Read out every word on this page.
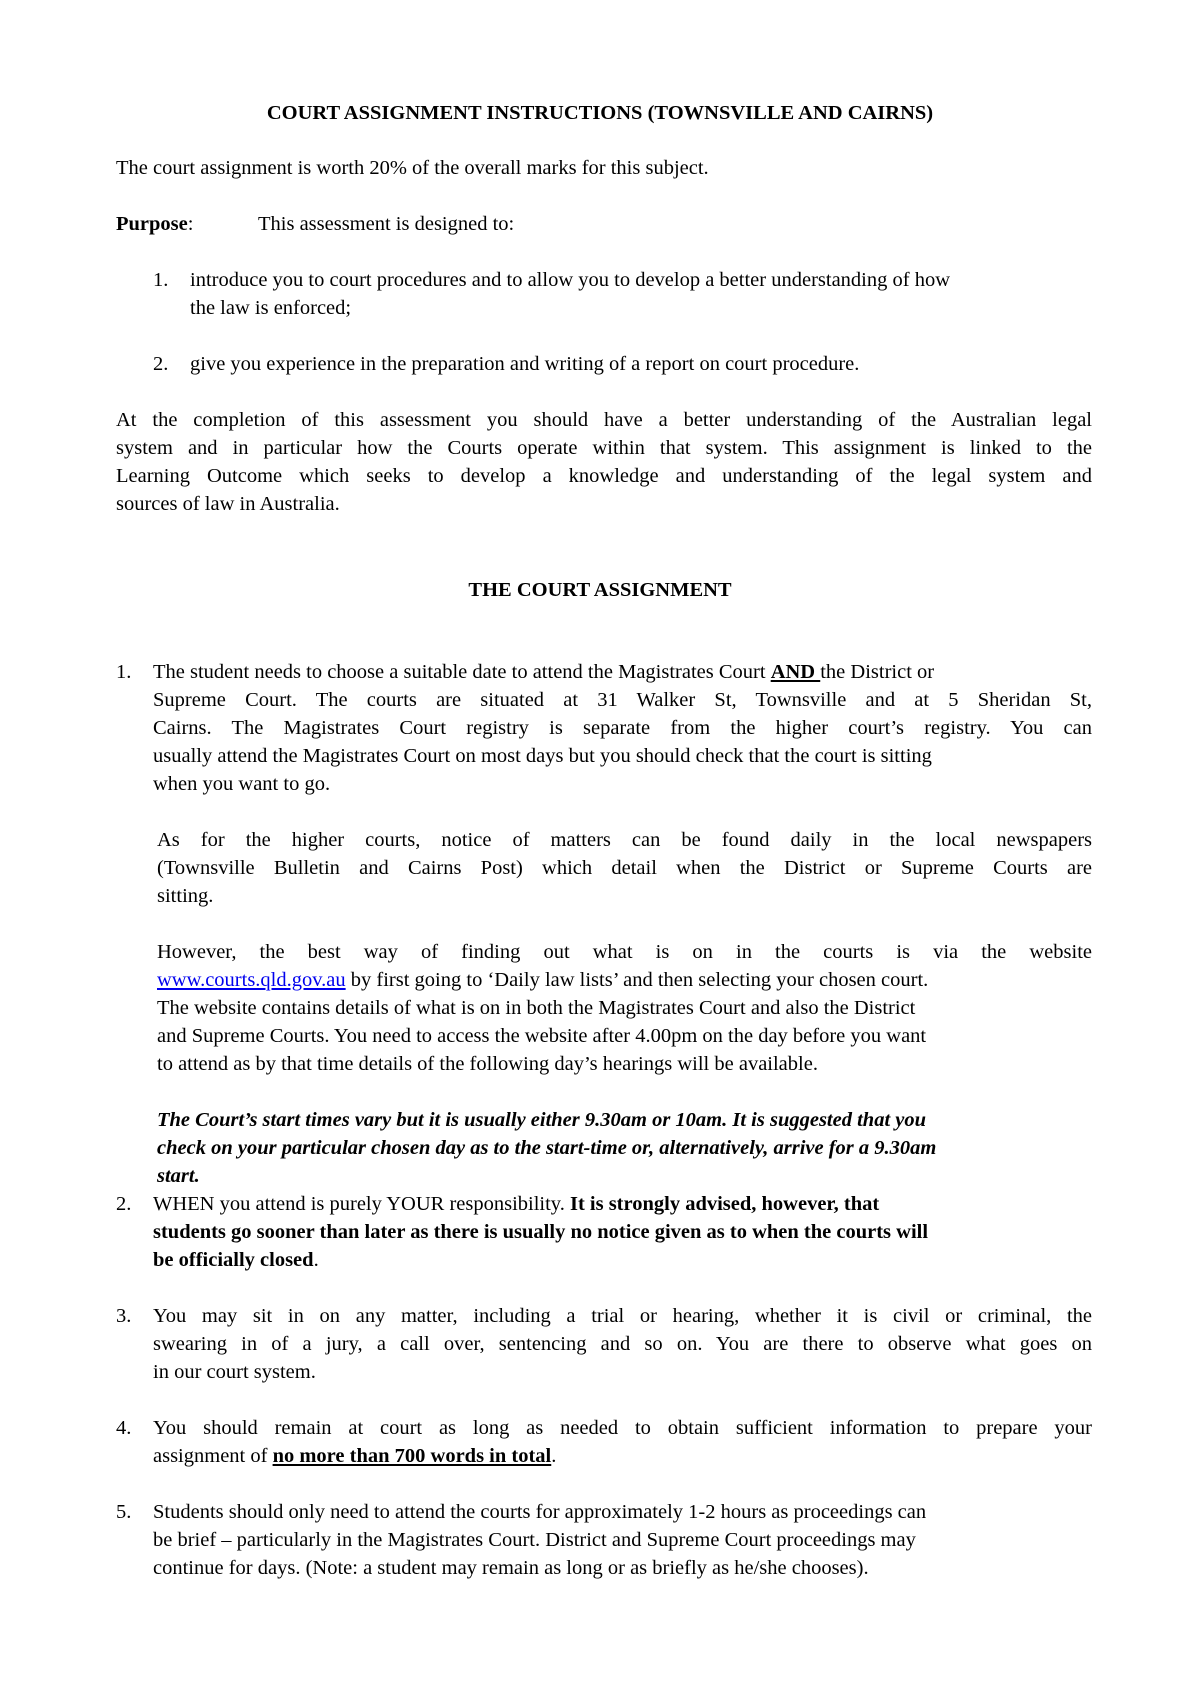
COURT ASSIGNMENT INSTRUCTIONS (TOWNSVILLE AND CAIRNS)
The court assignment is worth 20% of the overall marks for this subject.
Purpose:	This assessment is designed to:
1. introduce you to court procedures and to allow you to develop a better understanding of how
the law is enforced;
2. give you experience in the preparation and writing of a report on court procedure.
At the completion of this assessment you should have a better understanding of the Australian legal
system and in particular how the Courts operate within that system. This assignment is linked to the
Learning Outcome which seeks to develop a knowledge and understanding of the legal system and
sources of law in Australia.
THE COURT ASSIGNMENT
1. The student needs to choose a suitable date to attend the Magistrates Court AND the District or
Supreme Court. The courts are situated at 31 Walker St, Townsville and at 5 Sheridan St,
Cairns. The Magistrates Court registry is separate from the higher court’s registry. You can
usually attend the Magistrates Court on most days but you should check that the court is sitting
when you want to go.
As for the higher courts, notice of matters can be found daily in the local newspapers
(Townsville Bulletin and Cairns Post) which detail when the District or Supreme Courts are
sitting.
However, the best way of finding out what is on in the courts is via the website
www.courts.qld.gov.au by first going to ‘Daily law lists’ and then selecting your chosen court.
The website contains details of what is on in both the Magistrates Court and also the District
and Supreme Courts. You need to access the website after 4.00pm on the day before you want
to attend as by that time details of the following day’s hearings will be available.
The Court’s start times vary but it is usually either 9.30am or 10am. It is suggested that you
check on your particular chosen day as to the start-time or, alternatively, arrive for a 9.30am
start.
2. WHEN you attend is purely YOUR responsibility. It is strongly advised, however, that
students go sooner than later as there is usually no notice given as to when the courts will
be officially closed.
3. You may sit in on any matter, including a trial or hearing, whether it is civil or criminal, the
swearing in of a jury, a call over, sentencing and so on. You are there to observe what goes on
in our court system.
4. You should remain at court as long as needed to obtain sufficient information to prepare your
assignment of no more than 700 words in total.
5. Students should only need to attend the courts for approximately 1-2 hours as proceedings can
be brief – particularly in the Magistrates Court. District and Supreme Court proceedings may
continue for days. (Note: a student may remain as long or as briefly as he/she chooses).
